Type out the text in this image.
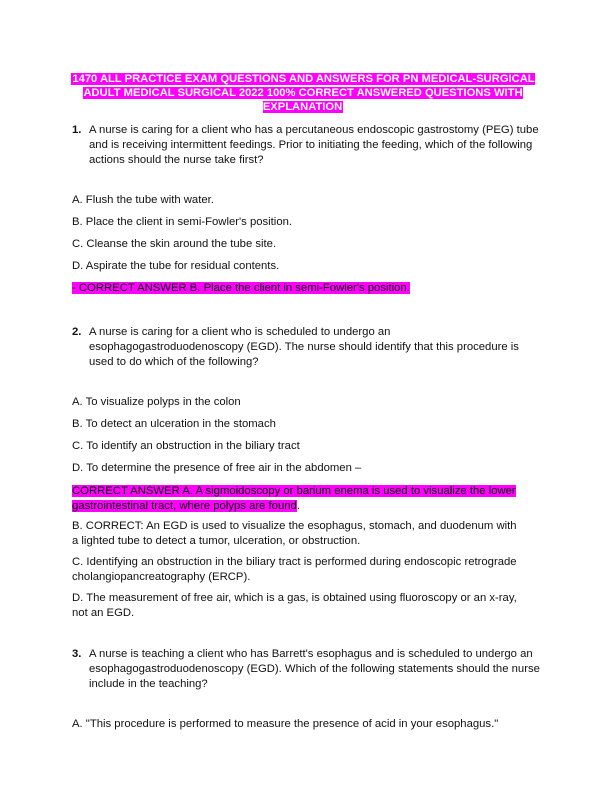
1470 ALL PRACTICE EXAM QUESTIONS AND ANSWERS FOR PN MEDICAL-SURGICAL ADULT MEDICAL SURGICAL 2022 100% CORRECT ANSWERED QUESTIONS WITH EXPLANATION
1. A nurse is caring for a client who has a percutaneous endoscopic gastrostomy (PEG) tube and is receiving intermittent feedings. Prior to initiating the feeding, which of the following actions should the nurse take first?
A. Flush the tube with water.
B. Place the client in semi-Fowler's position.
C. Cleanse the skin around the tube site.
D. Aspirate the tube for residual contents.
- CORRECT ANSWER B. Place the client in semi-Fowler's position.
2. A nurse is caring for a client who is scheduled to undergo an esophagogastroduodenoscopy (EGD). The nurse should identify that this procedure is used to do which of the following?
A. To visualize polyps in the colon
B. To detect an ulceration in the stomach
C. To identify an obstruction in the biliary tract
D. To determine the presence of free air in the abdomen –
CORRECT ANSWER A. A sigmoidoscopy or barium enema is used to visualize the lower gastrointestinal tract, where polyps are found.
B. CORRECT: An EGD is used to visualize the esophagus, stomach, and duodenum with a lighted tube to detect a tumor, ulceration, or obstruction.
C. Identifying an obstruction in the biliary tract is performed during endoscopic retrograde cholangiopancreatography (ERCP).
D. The measurement of free air, which is a gas, is obtained using fluoroscopy or an x-ray, not an EGD.
3. A nurse is teaching a client who has Barrett's esophagus and is scheduled to undergo an esophagogastroduodenoscopy (EGD). Which of the following statements should the nurse include in the teaching?
A. "This procedure is performed to measure the presence of acid in your esophagus."
